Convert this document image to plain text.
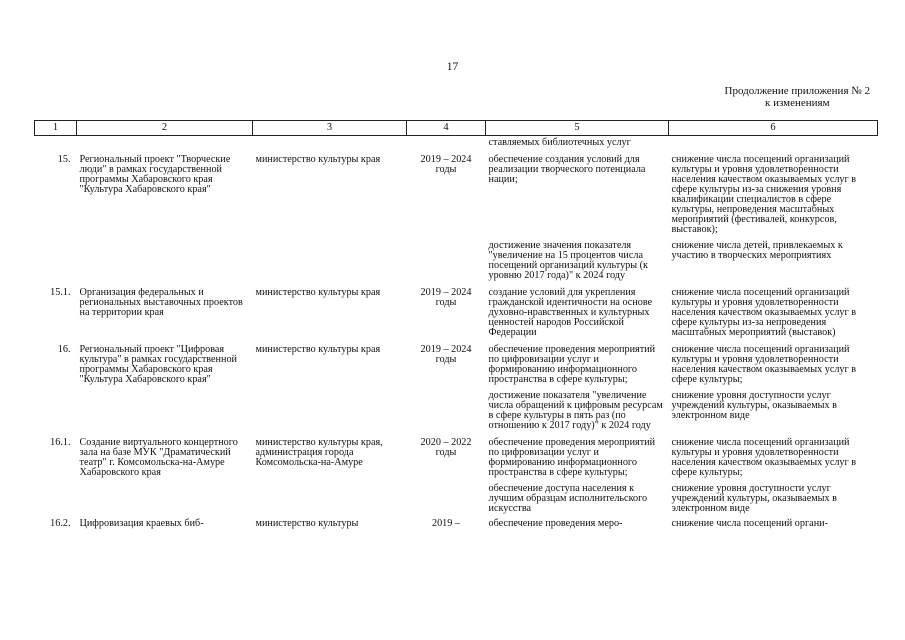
17
Продолжение приложения № 2
к изменениям
1	2	3	4	5	6
				ставляемых библиотечных услуг	
15.	Региональный проект "Творческие люди" в рамках государственной программы Хабаровского края "Культура Хабаровского края"	министерство культуры края	2019 – 2024 годы	обеспечение создания условий для реализации творческого потенциала нации;	снижение числа посещений организаций культуры и уровня удовлетворенности населения качеством оказываемых услуг в сфере культуры из-за снижения уровня квалификации специалистов в сфере культуры, непроведения масштабных мероприятий (фестивалей, конкурсов, выставок);
				достижение значения показателя "увеличение на 15 процентов числа посещений организаций культуры (к уровню 2017 года)" к 2024 году	снижение числа детей, привлекаемых к участию в творческих мероприятиях
15.1.	Организация федеральных и региональных выставочных проектов на территории края	министерство культуры края	2019 – 2024 годы	создание условий для укрепления гражданской идентичности на основе духовно-нравственных и культурных ценностей народов Российской Федерации	снижение числа посещений организаций культуры и уровня удовлетворенности населения качеством оказываемых услуг в сфере культуры из-за непроведения масштабных мероприятий (выставок)
16.	Региональный проект "Цифровая культура" в рамках государственной программы Хабаровского края "Культура Хабаровского края"	министерство культуры края	2019 – 2024 годы	обеспечение проведения мероприятий по цифровизации услуг и формированию информационного пространства в сфере культуры;	снижение числа посещений организаций культуры и уровня удовлетворенности населения качеством оказываемых услуг в сфере культуры;
				достижение показателя "увеличение числа обращений к цифровым ресурсам в сфере культуры в пять раз (по отношению к 2017 году)" к 2024 году	снижение уровня доступности услуг учреждений культуры, оказываемых в электронном виде
16.1.	Создание виртуального концертного зала на базе МУК "Драматический театр" г. Комсомольска-на-Амуре Хабаровского края	министерство культуры края, администрация города Комсомольска-на-Амуре	2020 – 2022 годы	обеспечение проведения мероприятий по цифровизации услуг и формированию информационного пространства в сфере культуры;	снижение числа посещений организаций культуры и уровня удовлетворенности населения качеством оказываемых услуг в сфере культуры;
				обеспечение доступа населения к лучшим образцам исполнительского искусства	снижение уровня доступности услуг учреждений культуры, оказываемых в электронном виде
16.2.	Цифровизация краевых биб-	министерство культуры	2019 –	обеспечение проведения меро-	снижение числа посещений органи-
